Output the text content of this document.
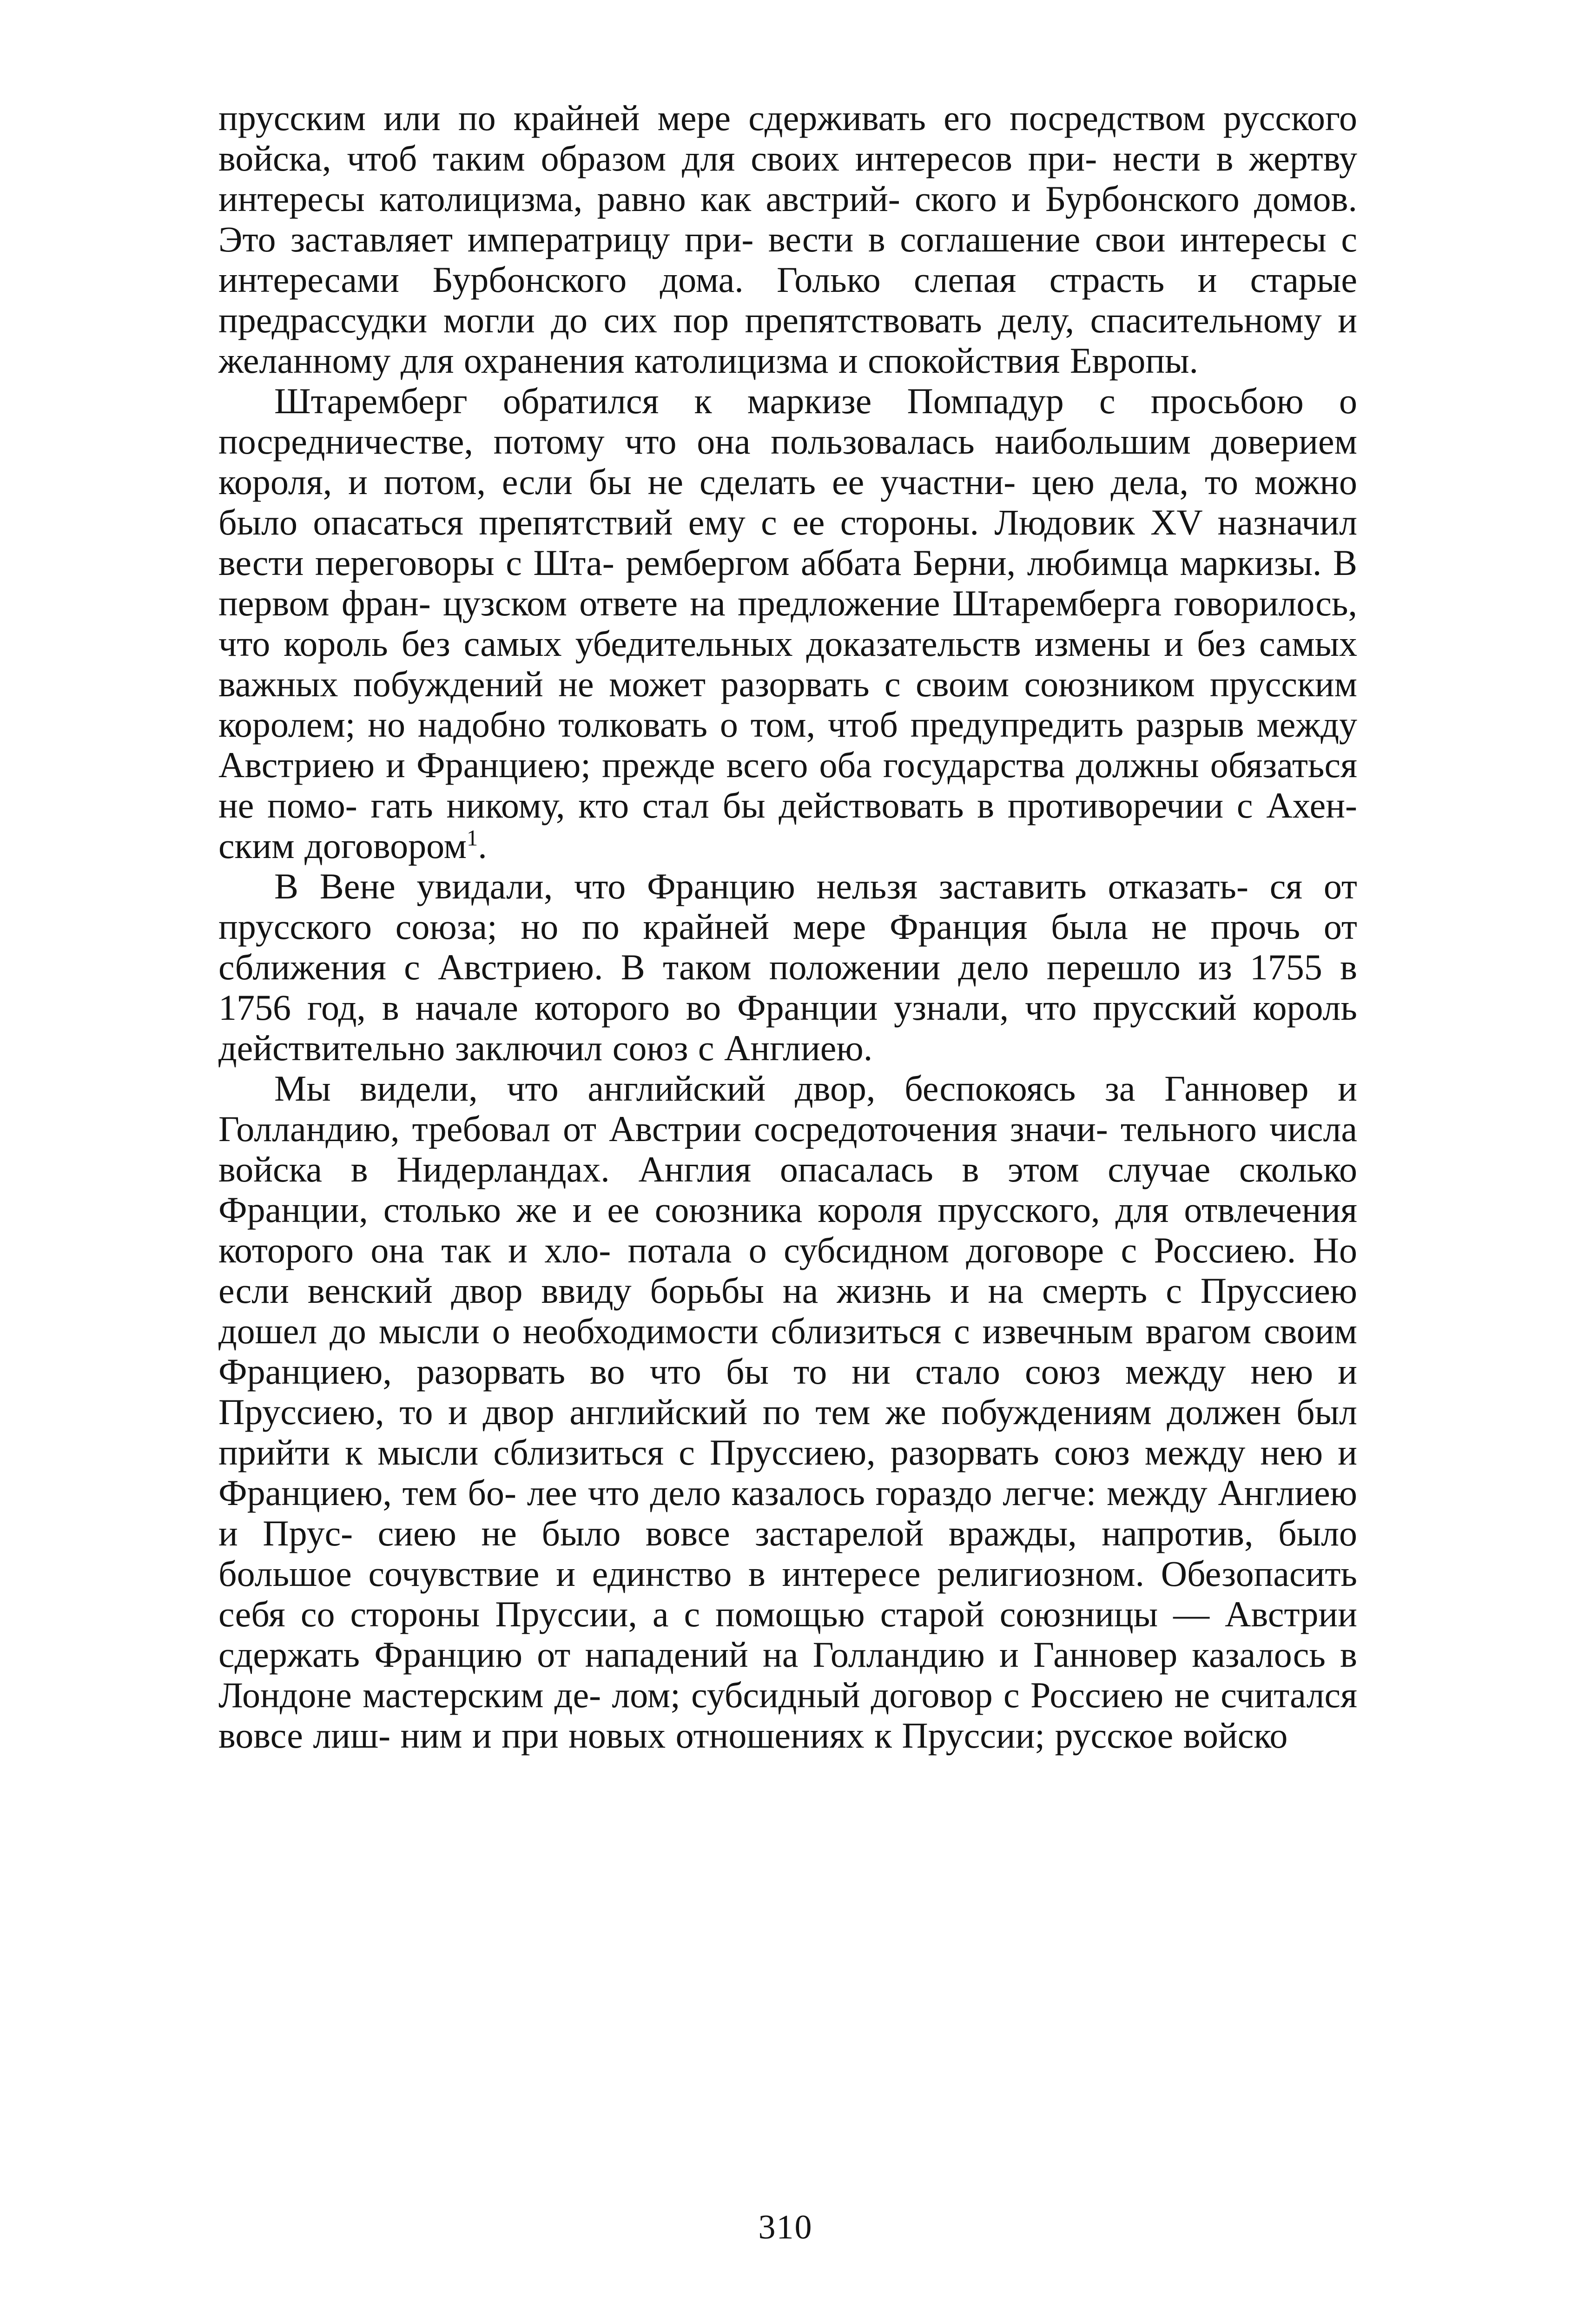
прусским или по крайней мере сдерживать его посредством русского войска, чтоб таким образом для своих интересов при- нести в жертву интересы католицизма, равно как австрий- ского и Бурбонского домов. Это заставляет императрицу при- вести в соглашение свои интересы с интересами Бурбонского дома. Голько слепая страсть и старые предрассудки могли до сих пор препятствовать делу, спасительному и желанному для охранения католицизма и спокойствия Европы.

Штаремберг обратился к маркизе Помпадур с просьбою о посредничестве, потому что она пользовалась наибольшим доверием короля, и потом, если бы не сделать ее участни- цею дела, то можно было опасаться препятствий ему с ее стороны. Людовик XV назначил вести переговоры с Шта- рембергом аббата Берни, любимца маркизы. В первом фран- цузском ответе на предложение Штаремберга говорилось, что король без самых убедительных доказательств измены и без самых важных побуждений не может разорвать с своим союзником прусским королем; но надобно толковать о том, чтоб предупредить разрыв между Австриею и Франциею; прежде всего оба государства должны обязаться не помо- гать никому, кто стал бы действовать в противоречии с Ахен- ским договором$^1$.

В Вене увидали, что Францию нельзя заставить отказать- ся от прусского союза; но по крайней мере Франция была не прочь от сближения с Австриею. В таком положении дело перешло из 1755 в 1756 год, в начале которого во Франции узнали, что прусский король действительно заключил союз с Англиею.

Мы видели, что английский двор, беспокоясь за Ганновер и Голландию, требовал от Австрии сосредоточения значи- тельного числа войска в Нидерландах. Англия опасалась в этом случае сколько Франции, столько же и ее союзника короля прусского, для отвлечения которого она так и хло- потала о субсидном договоре с Россиею. Но если венский двор ввиду борьбы на жизнь и на смерть с Пруссиею дошел до мысли о необходимости сблизиться с извечным врагом своим Франциею, разорвать во что бы то ни стало союз между нею и Пруссиею, то и двор английский по тем же побуждениям должен был прийти к мысли сблизиться с Пруссиею, разорвать союз между нею и Франциею, тем бо- лее что дело казалось гораздо легче: между Англиею и Прус- сиею не было вовсе застарелой вражды, напротив, было большое сочувствие и единство в интересе религиозном. Обезопасить себя со стороны Пруссии, а с помощью старой союзницы — Австрии сдержать Францию от нападений на Голландию и Ганновер казалось в Лондоне мастерским де- лом; субсидный договор с Россиею не считался вовсе лиш- ним и при новых отношениях к Пруссии; русское войско

310
